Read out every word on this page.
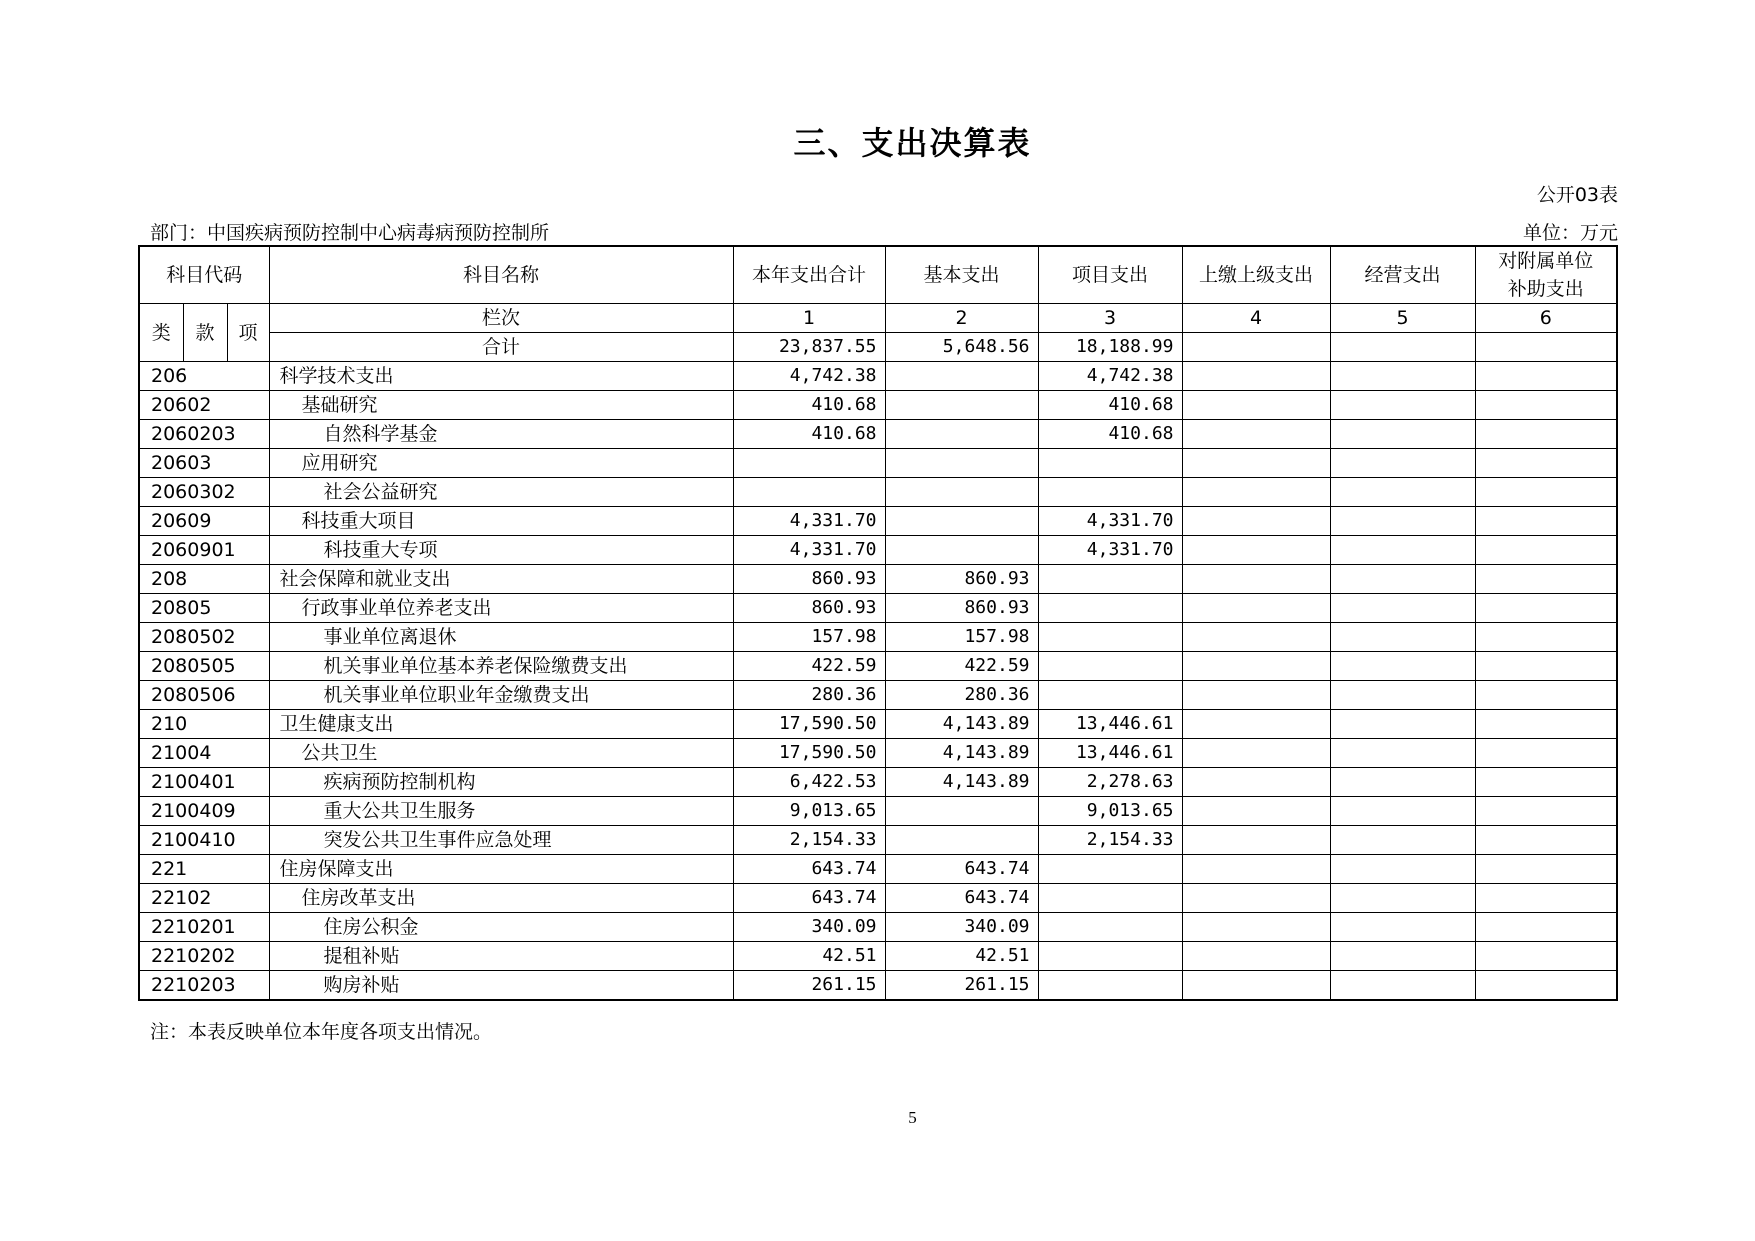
三、支出决算表
公开03表
部门：中国疾病预防控制中心病毒病预防控制所	单位：万元
科目代码			科目名称	本年支出合计	基本支出	项目支出	上缴上级支出	经营支出	对附属单位
补助支出

类	款	项	栏次	1	2	3	4	5	6
			合计	23,837.55	5,648.56	18,188.99			
206			科学技术支出	4,742.38		4,742.38			
20602			基础研究	410.68		410.68			
2060203			自然科学基金	410.68		410.68			
20603			应用研究						
2060302			社会公益研究						
20609			科技重大项目	4,331.70		4,331.70			
2060901			科技重大专项	4,331.70		4,331.70			
208			社会保障和就业支出	860.93	860.93				
20805			行政事业单位养老支出	860.93	860.93				
2080502			事业单位离退休	157.98	157.98				
2080505			机关事业单位基本养老保险缴费支出	422.59	422.59				
2080506			机关事业单位职业年金缴费支出	280.36	280.36				
210			卫生健康支出	17,590.50	4,143.89	13,446.61			
21004			公共卫生	17,590.50	4,143.89	13,446.61			
2100401			疾病预防控制机构	6,422.53	4,143.89	2,278.63			
2100409			重大公共卫生服务	9,013.65		9,013.65			
2100410			突发公共卫生事件应急处理	2,154.33		2,154.33			
221			住房保障支出	643.74	643.74				
22102			住房改革支出	643.74	643.74				
2210201			住房公积金	340.09	340.09				
2210202			提租补贴	42.51	42.51				
2210203			购房补贴	261.15	261.15				
注：本表反映单位本年度各项支出情况。
5
